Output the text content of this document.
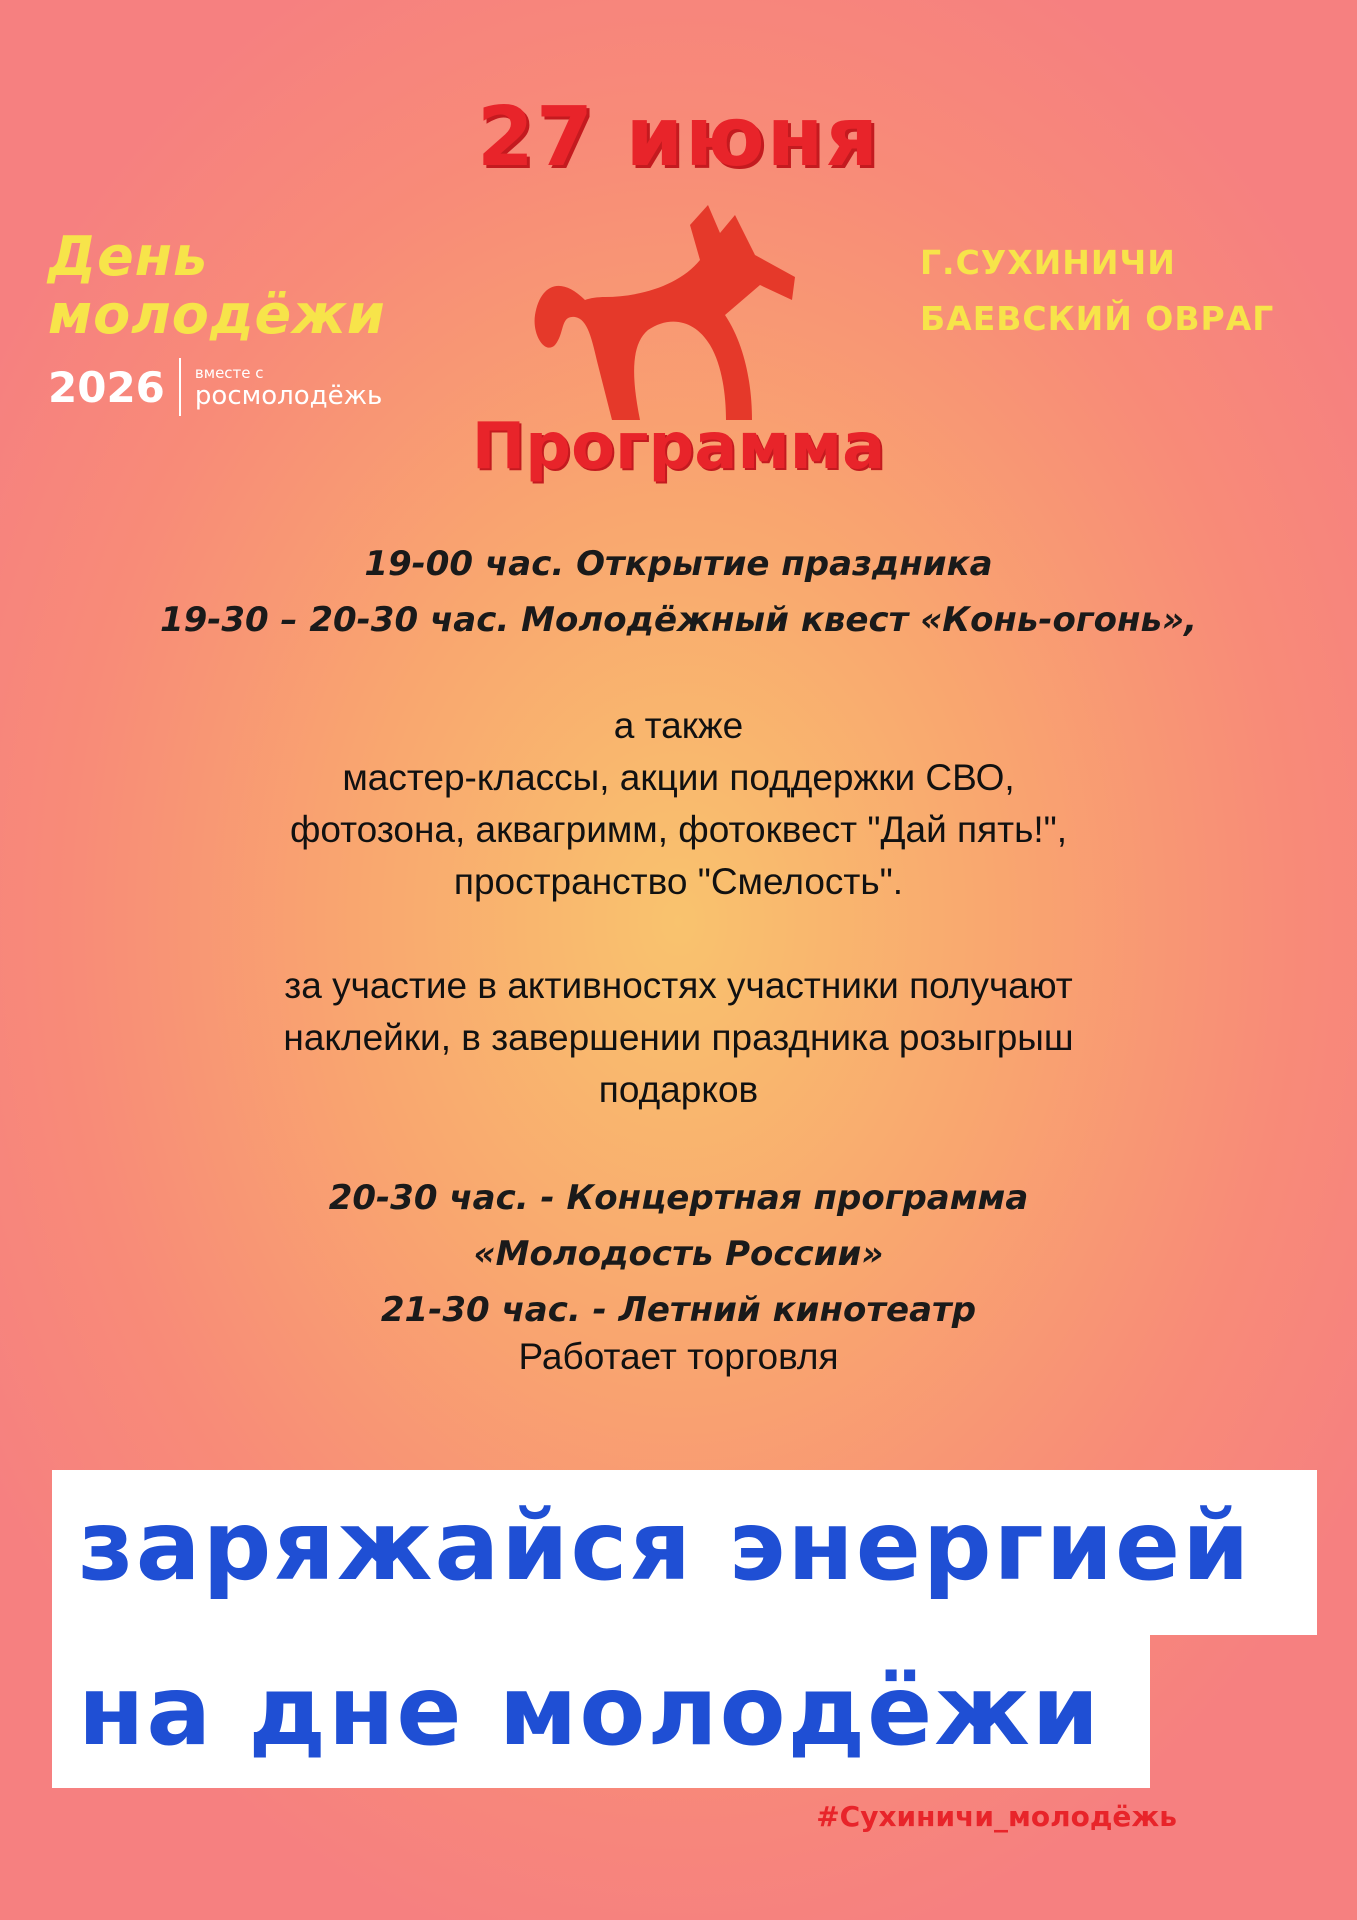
27 июня
День
молодёжи
2026 вместе с
росмолодёжь
Г.СУХИНИЧИ
БАЕВСКИЙ ОВРАГ
Программа
19-00 час. Открытие праздника
19-30 – 20-30 час. Молодёжный квест «Конь-огонь»,
а также
мастер-классы, акции поддержки СВО,
фотозона, аквагримм, фотоквест "Дай пять!",
пространство "Смелость".
за участие в активностях участники получают
наклейки, в завершении праздника розыгрыш
подарков
20-30 час. - Концертная программа
«Молодость России»
21-30 час. - Летний кинотеатр
Работает торговля
заряжайся энергией
на дне молодёжи
#Сухиничи_молодёжь
